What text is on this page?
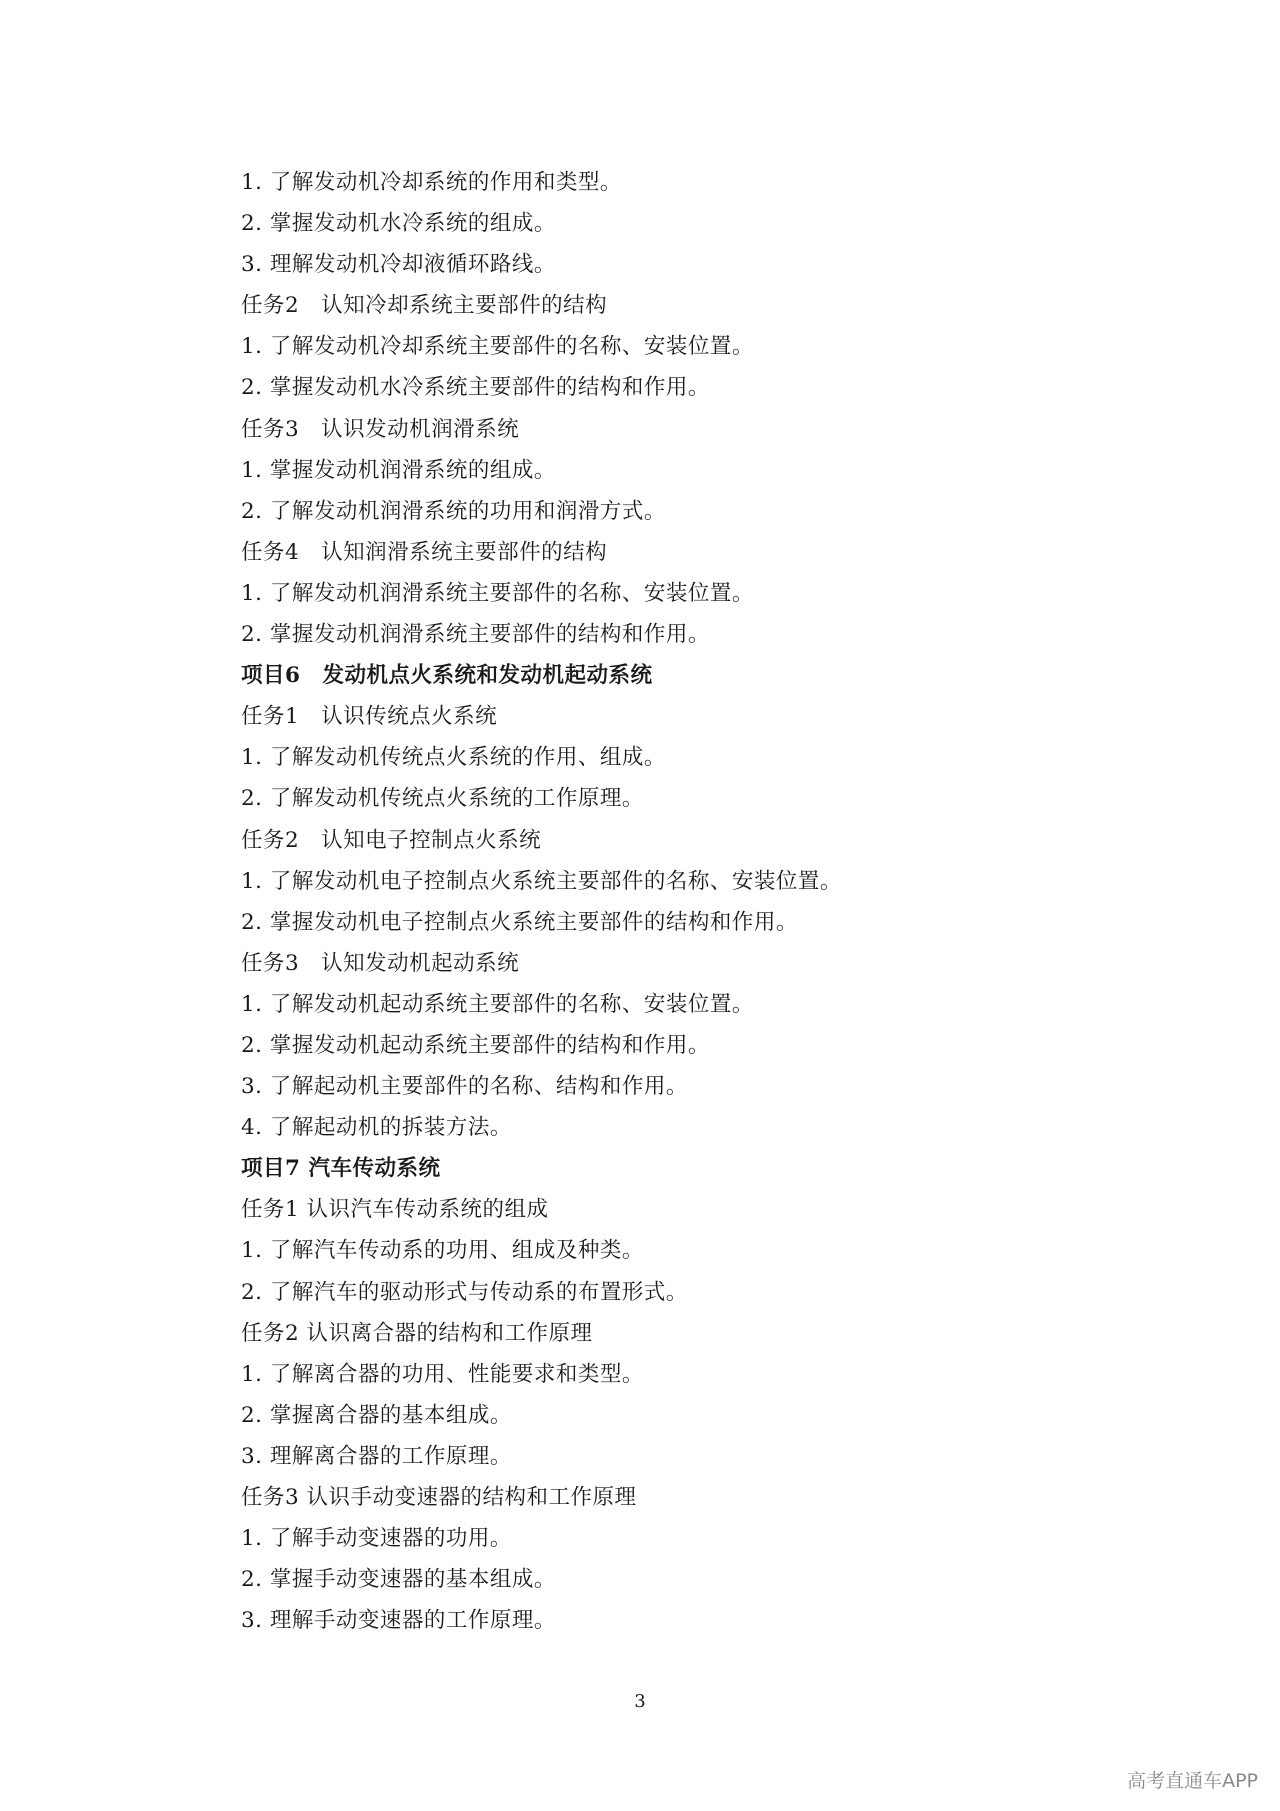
1. 了解发动机冷却系统的作用和类型。
2. 掌握发动机水冷系统的组成。
3. 理解发动机冷却液循环路线。
任务2　认知冷却系统主要部件的结构
1. 了解发动机冷却系统主要部件的名称、安装位置。
2. 掌握发动机水冷系统主要部件的结构和作用。
任务3　认识发动机润滑系统
1. 掌握发动机润滑系统的组成。
2. 了解发动机润滑系统的功用和润滑方式。
任务4　认知润滑系统主要部件的结构
1. 了解发动机润滑系统主要部件的名称、安装位置。
2. 掌握发动机润滑系统主要部件的结构和作用。
项目6　发动机点火系统和发动机起动系统
任务1　认识传统点火系统
1. 了解发动机传统点火系统的作用、组成。
2. 了解发动机传统点火系统的工作原理。
任务2　认知电子控制点火系统
1. 了解发动机电子控制点火系统主要部件的名称、安装位置。
2. 掌握发动机电子控制点火系统主要部件的结构和作用。
任务3　认知发动机起动系统
1. 了解发动机起动系统主要部件的名称、安装位置。
2. 掌握发动机起动系统主要部件的结构和作用。
3. 了解起动机主要部件的名称、结构和作用。
4. 了解起动机的拆装方法。
项目7 汽车传动系统
任务1 认识汽车传动系统的组成
1. 了解汽车传动系的功用、组成及种类。
2. 了解汽车的驱动形式与传动系的布置形式。
任务2 认识离合器的结构和工作原理
1. 了解离合器的功用、性能要求和类型。
2. 掌握离合器的基本组成。
3. 理解离合器的工作原理。
任务3 认识手动变速器的结构和工作原理
1. 了解手动变速器的功用。
2. 掌握手动变速器的基本组成。
3. 理解手动变速器的工作原理。
3
高考直通车APP
